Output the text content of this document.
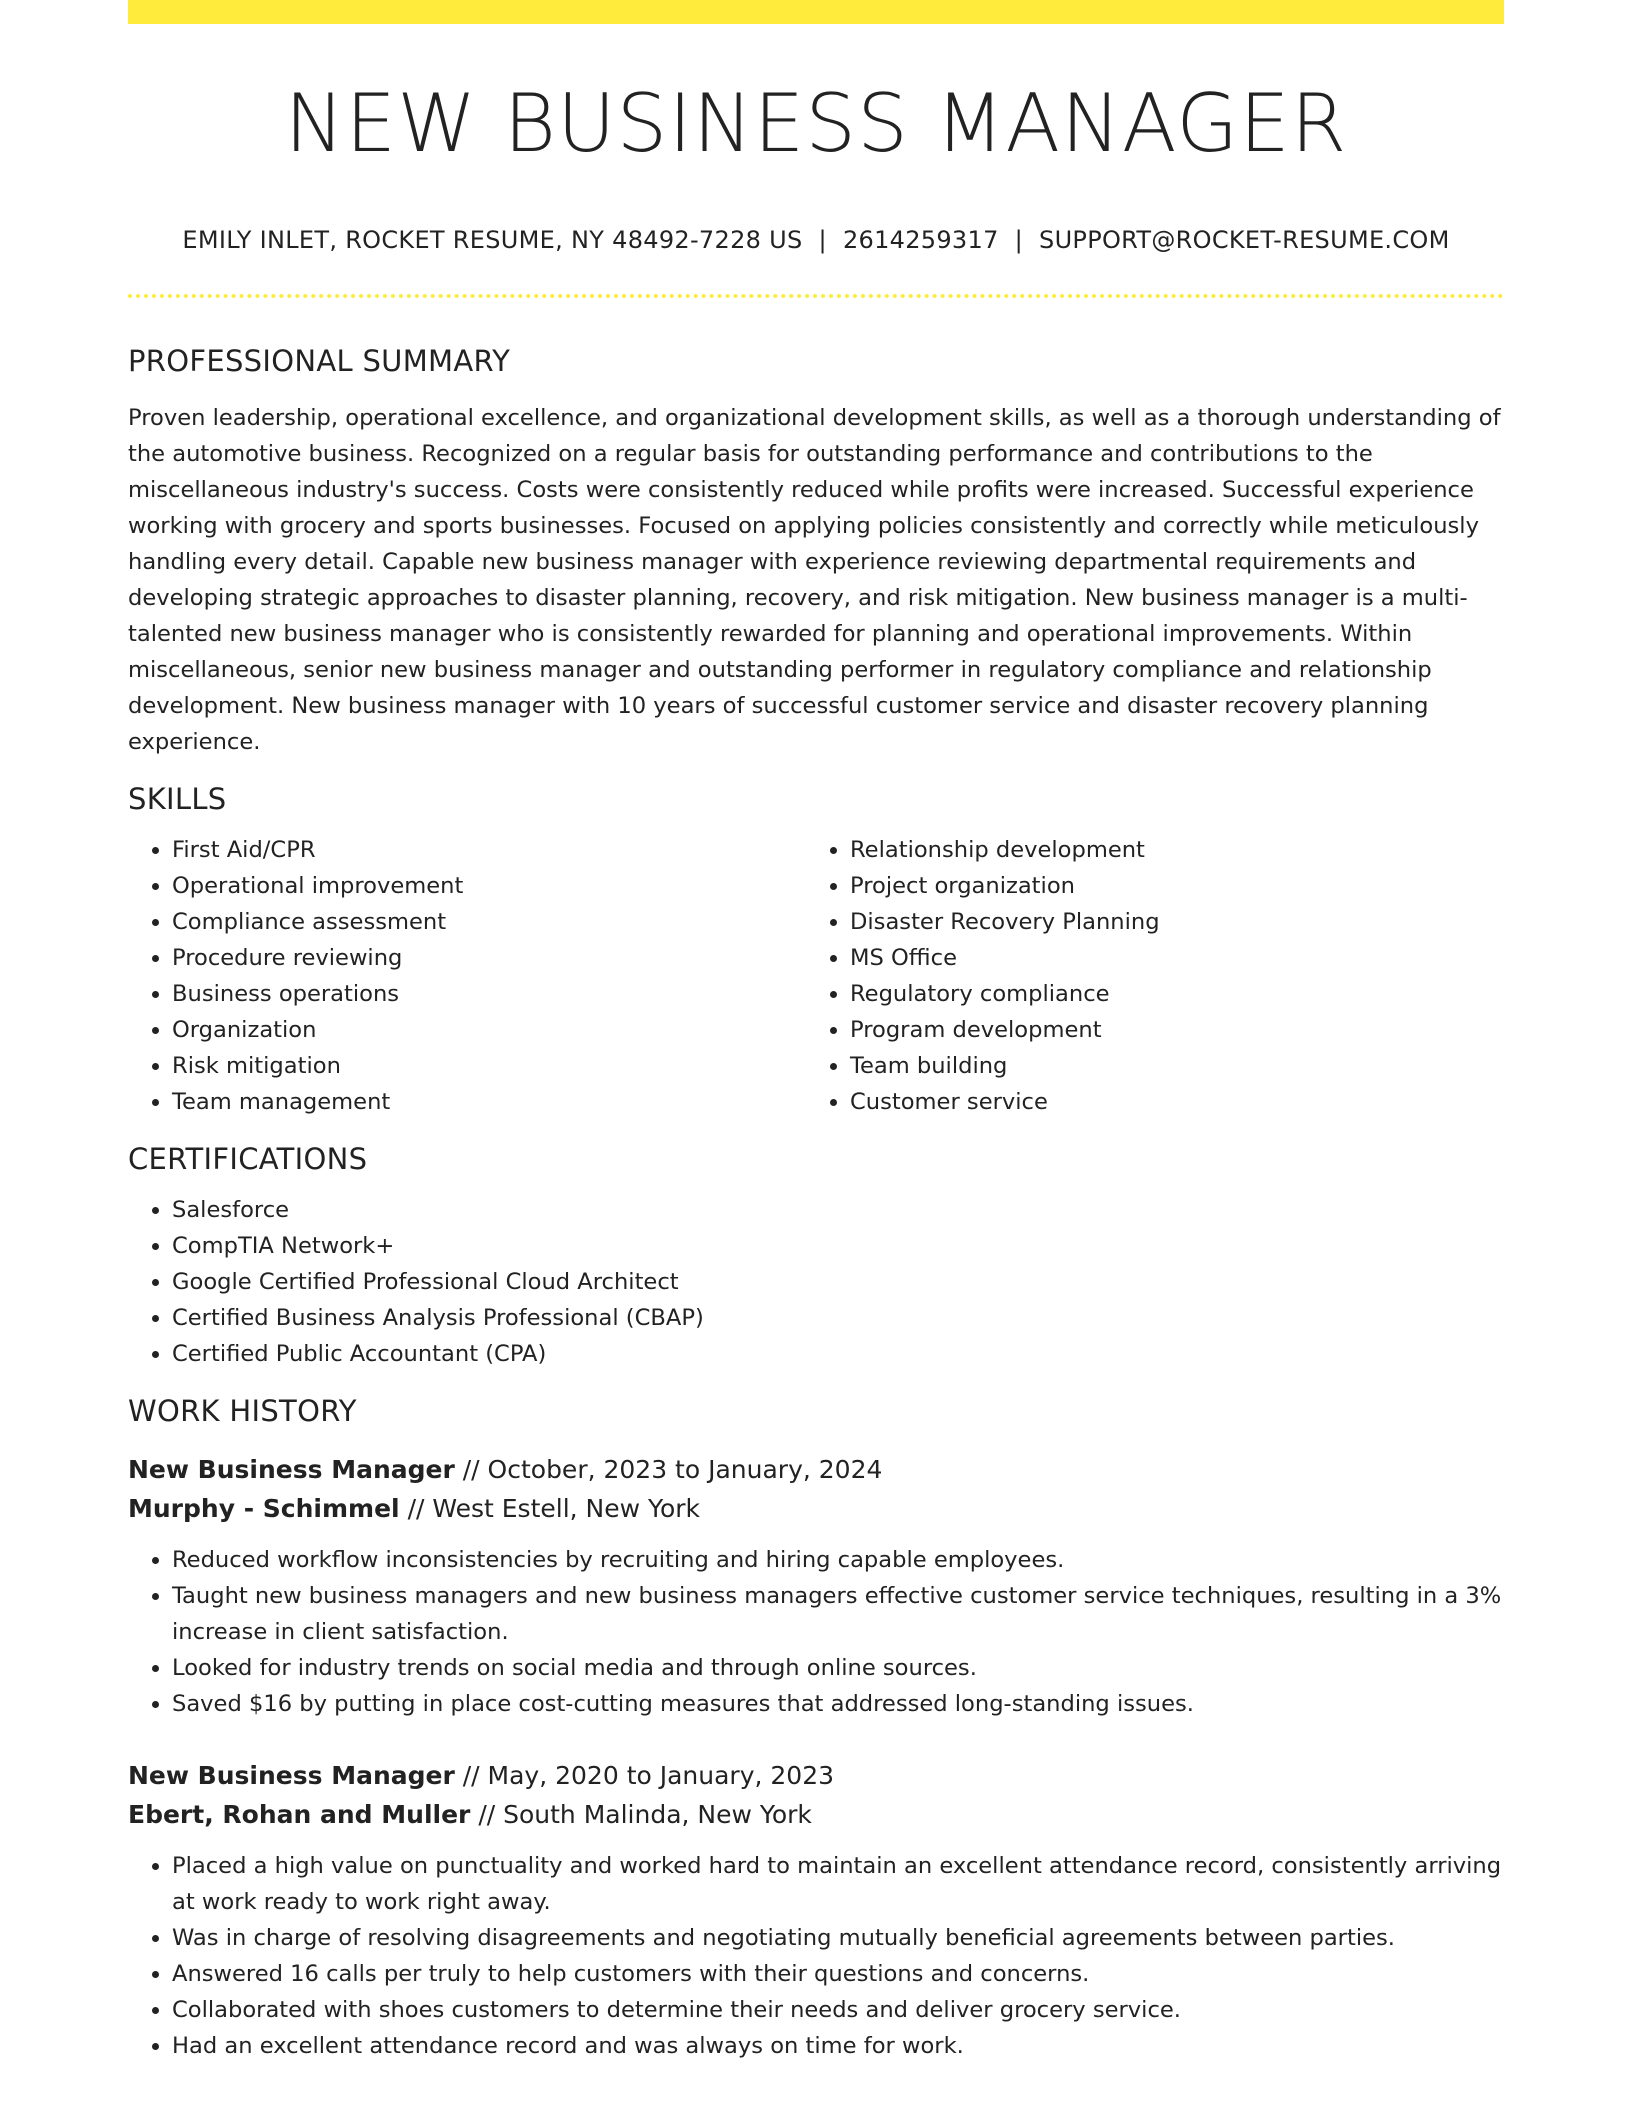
NEW BUSINESS MANAGER
EMILY INLET, ROCKET RESUME, NY 48492-7228 US | 2614259317 | SUPPORT@ROCKET-RESUME.COM
PROFESSIONAL SUMMARY
Proven leadership, operational excellence, and organizational development skills, as well as a thorough understanding of the automotive business. Recognized on a regular basis for outstanding performance and contributions to the miscellaneous industry's success. Costs were consistently reduced while profits were increased. Successful experience working with grocery and sports businesses. Focused on applying policies consistently and correctly while meticulously handling every detail. Capable new business manager with experience reviewing departmental requirements and developing strategic approaches to disaster planning, recovery, and risk mitigation. New business manager is a multi-talented new business manager who is consistently rewarded for planning and operational improvements. Within miscellaneous, senior new business manager and outstanding performer in regulatory compliance and relationship development. New business manager with 10 years of successful customer service and disaster recovery planning experience.
SKILLS
• First Aid/CPR
• Operational improvement
• Compliance assessment
• Procedure reviewing
• Business operations
• Organization
• Risk mitigation
• Team management
• Relationship development
• Project organization
• Disaster Recovery Planning
• MS Office
• Regulatory compliance
• Program development
• Team building
• Customer service
CERTIFICATIONS
• Salesforce
• CompTIA Network+
• Google Certified Professional Cloud Architect
• Certified Business Analysis Professional (CBAP)
• Certified Public Accountant (CPA)
WORK HISTORY
New Business Manager // October, 2023 to January, 2024
Murphy - Schimmel // West Estell, New York
• Reduced workflow inconsistencies by recruiting and hiring capable employees.
• Taught new business managers and new business managers effective customer service techniques, resulting in a 3% increase in client satisfaction.
• Looked for industry trends on social media and through online sources.
• Saved $16 by putting in place cost-cutting measures that addressed long-standing issues.
New Business Manager // May, 2020 to January, 2023
Ebert, Rohan and Muller // South Malinda, New York
• Placed a high value on punctuality and worked hard to maintain an excellent attendance record, consistently arriving at work ready to work right away.
• Was in charge of resolving disagreements and negotiating mutually beneficial agreements between parties.
• Answered 16 calls per truly to help customers with their questions and concerns.
• Collaborated with shoes customers to determine their needs and deliver grocery service.
• Had an excellent attendance record and was always on time for work.
